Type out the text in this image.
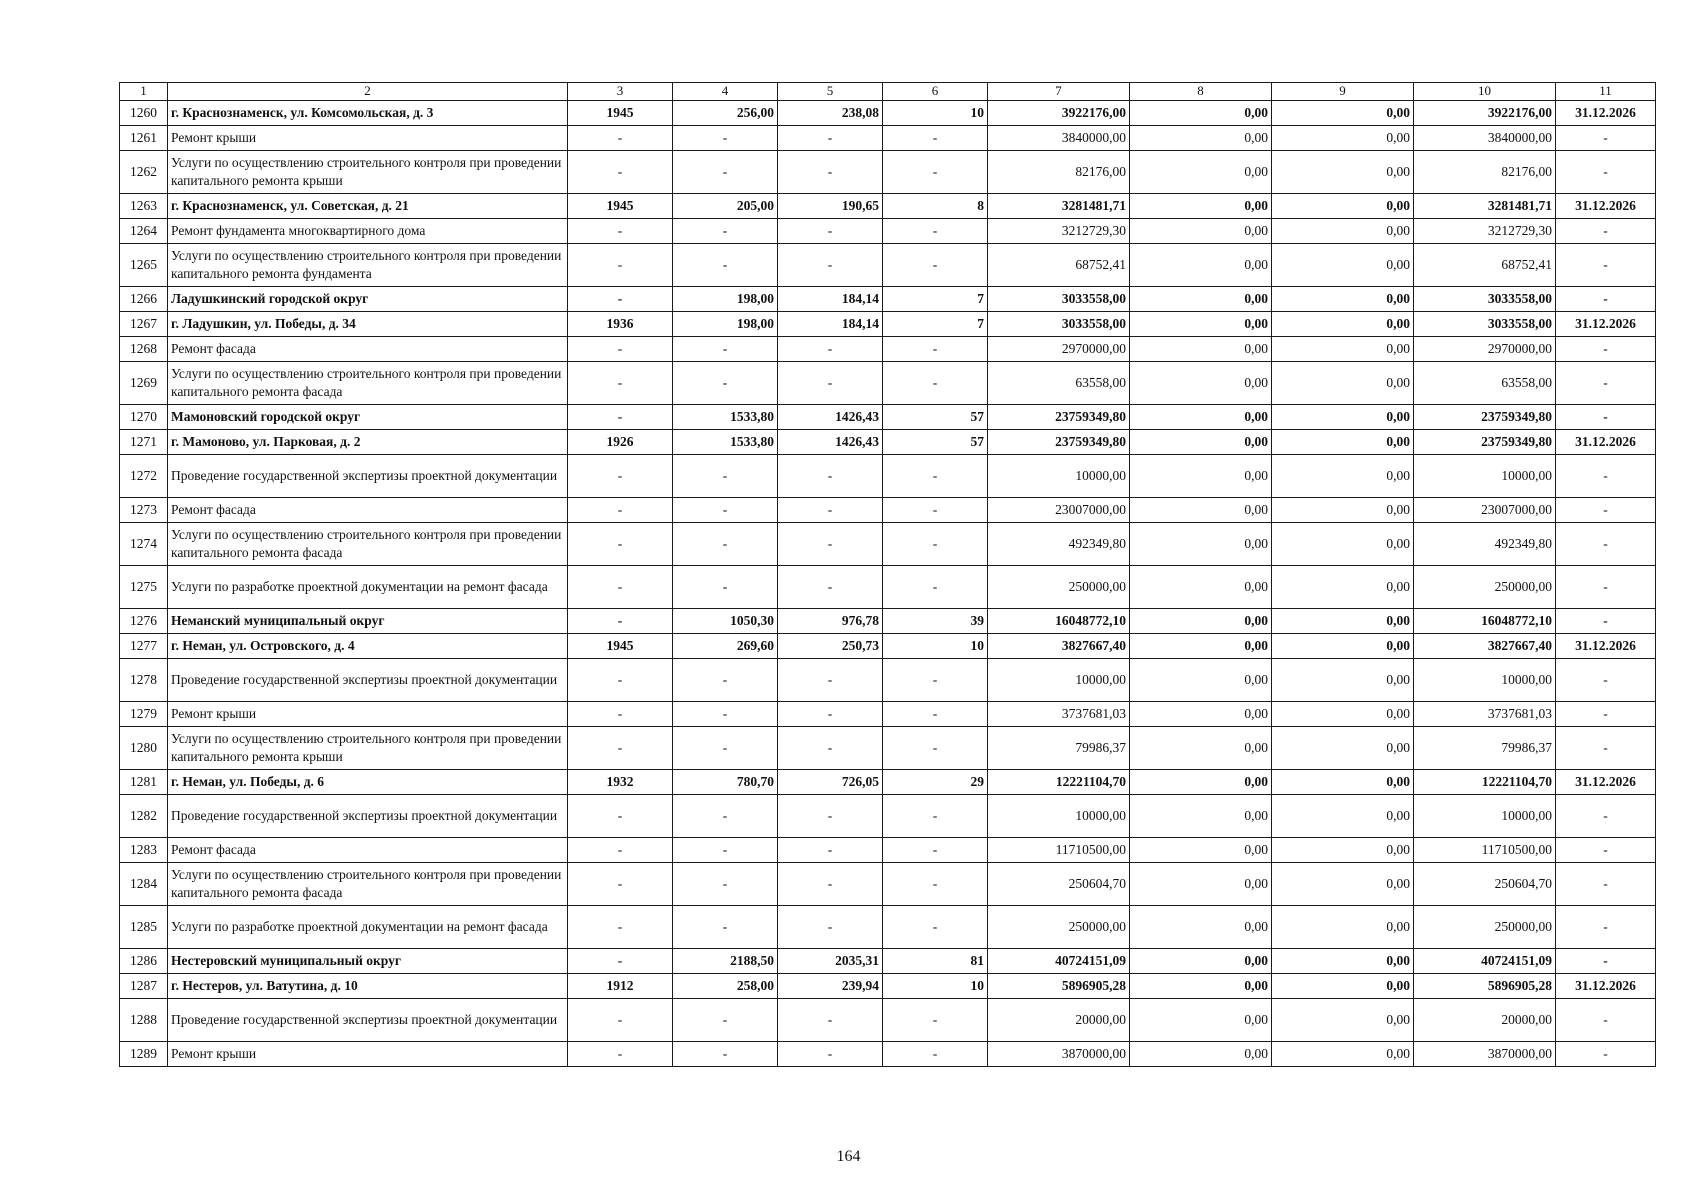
1	2	3	4	5	6	7	8	9	10	11
1260	г. Краснознаменск, ул. Комсомольская, д. 3	1945	256,00	238,08	10	3922176,00	0,00	0,00	3922176,00	31.12.2026
1261	Ремонт крыши	-	-	-	-	3840000,00	0,00	0,00	3840000,00	-
1262	Услуги по осуществлению строительного контроля при проведении капитального ремонта крыши	-	-	-	-	82176,00	0,00	0,00	82176,00	-
1263	г. Краснознаменск, ул. Советская, д. 21	1945	205,00	190,65	8	3281481,71	0,00	0,00	3281481,71	31.12.2026
1264	Ремонт фундамента многоквартирного дома	-	-	-	-	3212729,30	0,00	0,00	3212729,30	-
1265	Услуги по осуществлению строительного контроля при проведении капитального ремонта фундамента	-	-	-	-	68752,41	0,00	0,00	68752,41	-
1266	Ладушкинский городской округ	-	198,00	184,14	7	3033558,00	0,00	0,00	3033558,00	-
1267	г. Ладушкин, ул. Победы, д. 34	1936	198,00	184,14	7	3033558,00	0,00	0,00	3033558,00	31.12.2026
1268	Ремонт фасада	-	-	-	-	2970000,00	0,00	0,00	2970000,00	-
1269	Услуги по осуществлению строительного контроля при проведении капитального ремонта фасада	-	-	-	-	63558,00	0,00	0,00	63558,00	-
1270	Мамоновский городской округ	-	1533,80	1426,43	57	23759349,80	0,00	0,00	23759349,80	-
1271	г. Мамоново, ул. Парковая, д. 2	1926	1533,80	1426,43	57	23759349,80	0,00	0,00	23759349,80	31.12.2026
1272	Проведение государственной экспертизы проектной документации	-	-	-	-	10000,00	0,00	0,00	10000,00	-
1273	Ремонт фасада	-	-	-	-	23007000,00	0,00	0,00	23007000,00	-
1274	Услуги по осуществлению строительного контроля при проведении капитального ремонта фасада	-	-	-	-	492349,80	0,00	0,00	492349,80	-
1275	Услуги по разработке проектной документации на ремонт фасада	-	-	-	-	250000,00	0,00	0,00	250000,00	-
1276	Неманский муниципальный округ	-	1050,30	976,78	39	16048772,10	0,00	0,00	16048772,10	-
1277	г. Неман, ул. Островского, д. 4	1945	269,60	250,73	10	3827667,40	0,00	0,00	3827667,40	31.12.2026
1278	Проведение государственной экспертизы проектной документации	-	-	-	-	10000,00	0,00	0,00	10000,00	-
1279	Ремонт крыши	-	-	-	-	3737681,03	0,00	0,00	3737681,03	-
1280	Услуги по осуществлению строительного контроля при проведении капитального ремонта крыши	-	-	-	-	79986,37	0,00	0,00	79986,37	-
1281	г. Неман, ул. Победы, д. 6	1932	780,70	726,05	29	12221104,70	0,00	0,00	12221104,70	31.12.2026
1282	Проведение государственной экспертизы проектной документации	-	-	-	-	10000,00	0,00	0,00	10000,00	-
1283	Ремонт фасада	-	-	-	-	11710500,00	0,00	0,00	11710500,00	-
1284	Услуги по осуществлению строительного контроля при проведении капитального ремонта фасада	-	-	-	-	250604,70	0,00	0,00	250604,70	-
1285	Услуги по разработке проектной документации на ремонт фасада	-	-	-	-	250000,00	0,00	0,00	250000,00	-
1286	Нестеровский муниципальный округ	-	2188,50	2035,31	81	40724151,09	0,00	0,00	40724151,09	-
1287	г. Нестеров, ул. Ватутина, д. 10	1912	258,00	239,94	10	5896905,28	0,00	0,00	5896905,28	31.12.2026
1288	Проведение государственной экспертизы проектной документации	-	-	-	-	20000,00	0,00	0,00	20000,00	-
1289	Ремонт крыши	-	-	-	-	3870000,00	0,00	0,00	3870000,00	-
164
